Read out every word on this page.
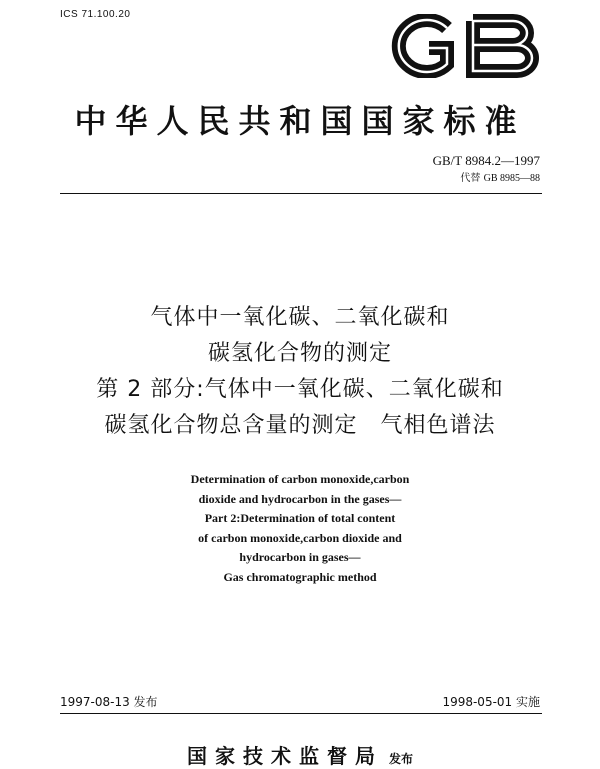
ICS 71.100.20
中华人民共和国国家标准
GB/T 8984.2—1997
代替 GB 8985—88
气体中一氧化碳、二氧化碳和
碳氢化合物的测定
第 2 部分:气体中一氧化碳、二氧化碳和
碳氢化合物总含量的测定　气相色谱法
Determination of carbon monoxide,carbon
dioxide and hydrocarbon in the gases—
Part 2:Determination of total content
of carbon monoxide,carbon dioxide and
hydrocarbon in gases—
Gas chromatographic method
1997-08-13 发布	1998-05-01 实施
国家技术监督局 发布
